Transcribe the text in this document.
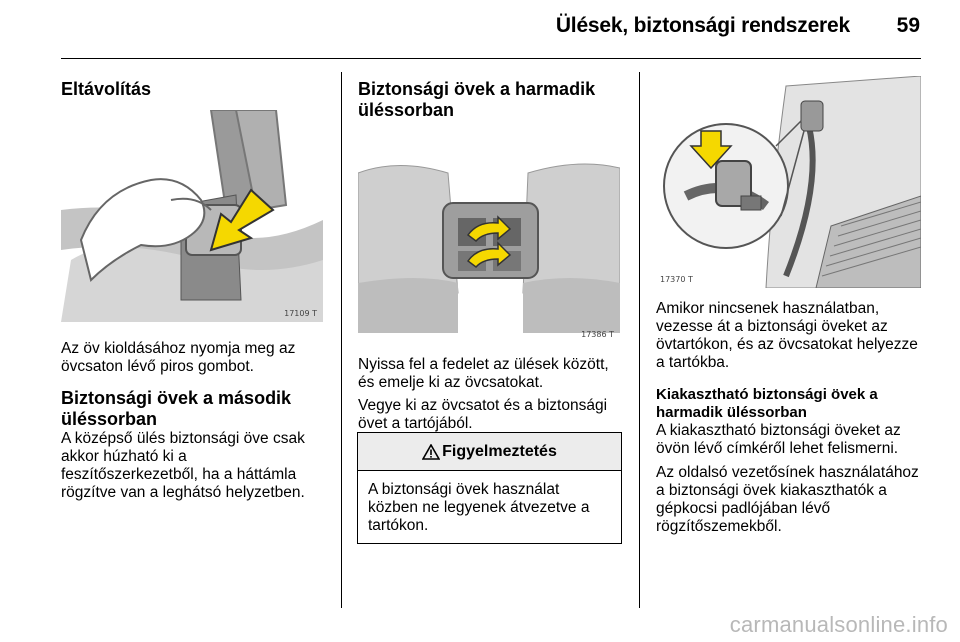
Ülések, biztonsági rendszerek 59
Eltávolítás
17109 T

Az öv kioldásához nyomja meg az övcsaton lévő piros gombot.

Biztonsági övek a második üléssorban

A középső ülés biztonsági öve csak akkor húzható ki a feszítőszerkezetből, ha a háttámla rögzítve van a leghátsó helyzetben.

Biztonsági övek a harmadik üléssorban
17386 T

Nyissa fel a fedelet az ülések között, és emelje ki az övcsatokat.

Vegye ki az övcsatot és a biztonsági övet a tartójából.

Figyelmeztetés

A biztonsági övek használat közben ne legyenek átvezetve a tartókon.

17370 T

Amikor nincsenek használatban, vezesse át a biztonsági öveket az övtartókon, és az övcsatokat helyezze a tartókba.

Kiakasztható biztonsági övek a harmadik üléssorban

A kiakasztható biztonsági öveket az övön lévő címkéről lehet felismerni.

Az oldalsó vezetősínek használatához a biztonsági övek kiakaszthatók a gépkocsi padlójában lévő rögzítőszemekből.

carmanualsonline.info
